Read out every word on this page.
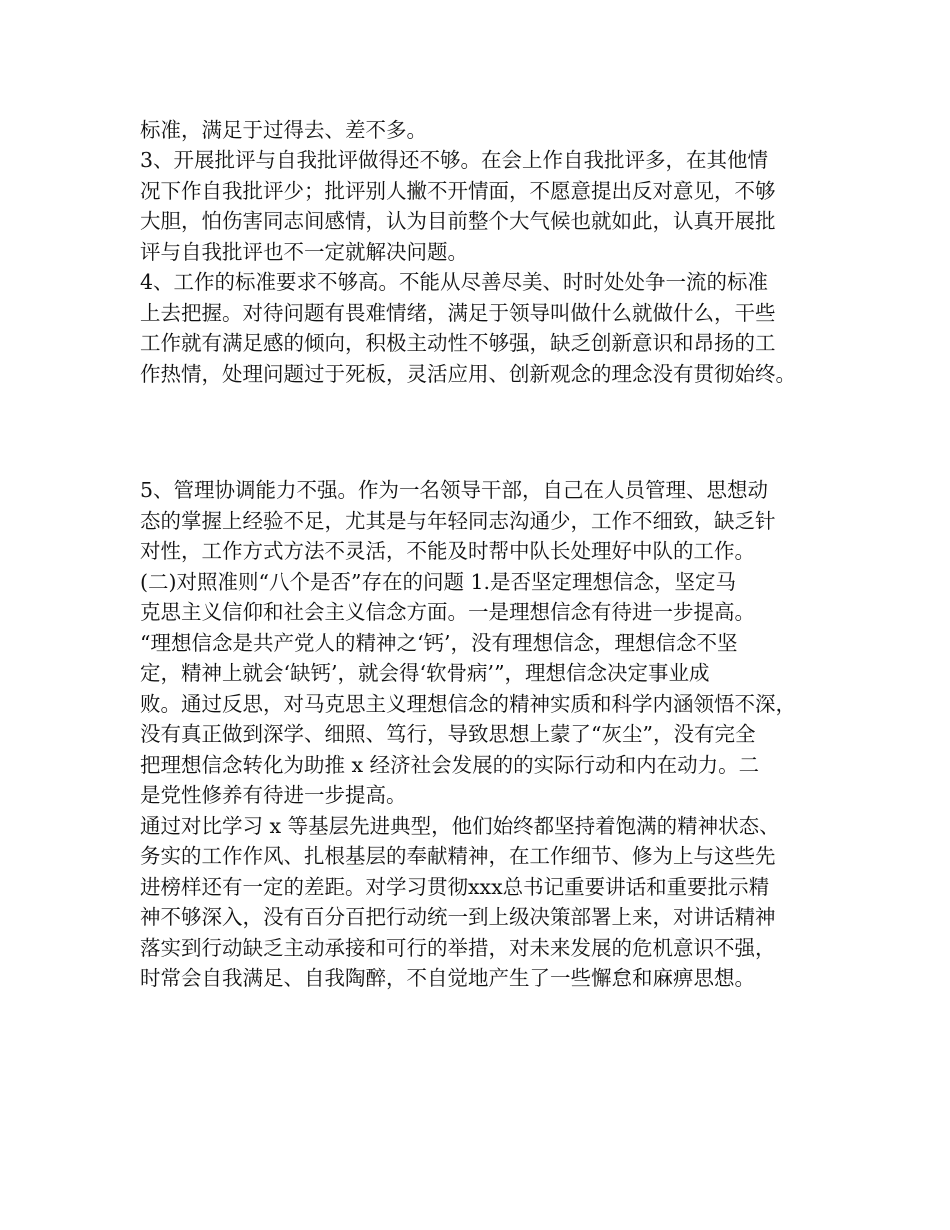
标准，满足于过得去、差不多。

3、开展批评与自我批评做得还不够。在会上作自我批评多，在其他情

况下作自我批评少；批评别人撇不开情面，不愿意提出反对意见，不够

大胆，怕伤害同志间感情，认为目前整个大气候也就如此，认真开展批

评与自我批评也不一定就解决问题。

4、工作的标准要求不够高。不能从尽善尽美、时时处处争一流的标准

上去把握。对待问题有畏难情绪，满足于领导叫做什么就做什么，干些

工作就有满足感的倾向，积极主动性不够强，缺乏创新意识和昂扬的工

作热情，处理问题过于死板，灵活应用、创新观念的理念没有贯彻始终。

5、管理协调能力不强。作为一名领导干部，自己在人员管理、思想动

态的掌握上经验不足，尤其是与年轻同志沟通少，工作不细致，缺乏针

对性，工作方式方法不灵活，不能及时帮中队长处理好中队的工作。

(二)对照准则“八个是否”存在的问题 1.是否坚定理想信念，坚定马

克思主义信仰和社会主义信念方面。一是理想信念有待进一步提高。

“理想信念是共产党人的精神之‘钙’，没有理想信念，理想信念不坚

定，精神上就会‘缺钙’，就会得‘软骨病’”，理想信念决定事业成

败。通过反思，对马克思主义理想信念的精神实质和科学内涵领悟不深，

没有真正做到深学、细照、笃行，导致思想上蒙了“灰尘”，没有完全

把理想信念转化为助推 x 经济社会发展的的实际行动和内在动力。二

是党性修养有待进一步提高。

通过对比学习 x 等基层先进典型，他们始终都坚持着饱满的精神状态、

务实的工作作风、扎根基层的奉献精神，在工作细节、修为上与这些先

进榜样还有一定的差距。对学习贯彻xxx总书记重要讲话和重要批示精

神不够深入，没有百分百把行动统一到上级决策部署上来，对讲话精神

落实到行动缺乏主动承接和可行的举措，对未来发展的危机意识不强，

时常会自我满足、自我陶醉，不自觉地产生了一些懈怠和麻痹思想。
